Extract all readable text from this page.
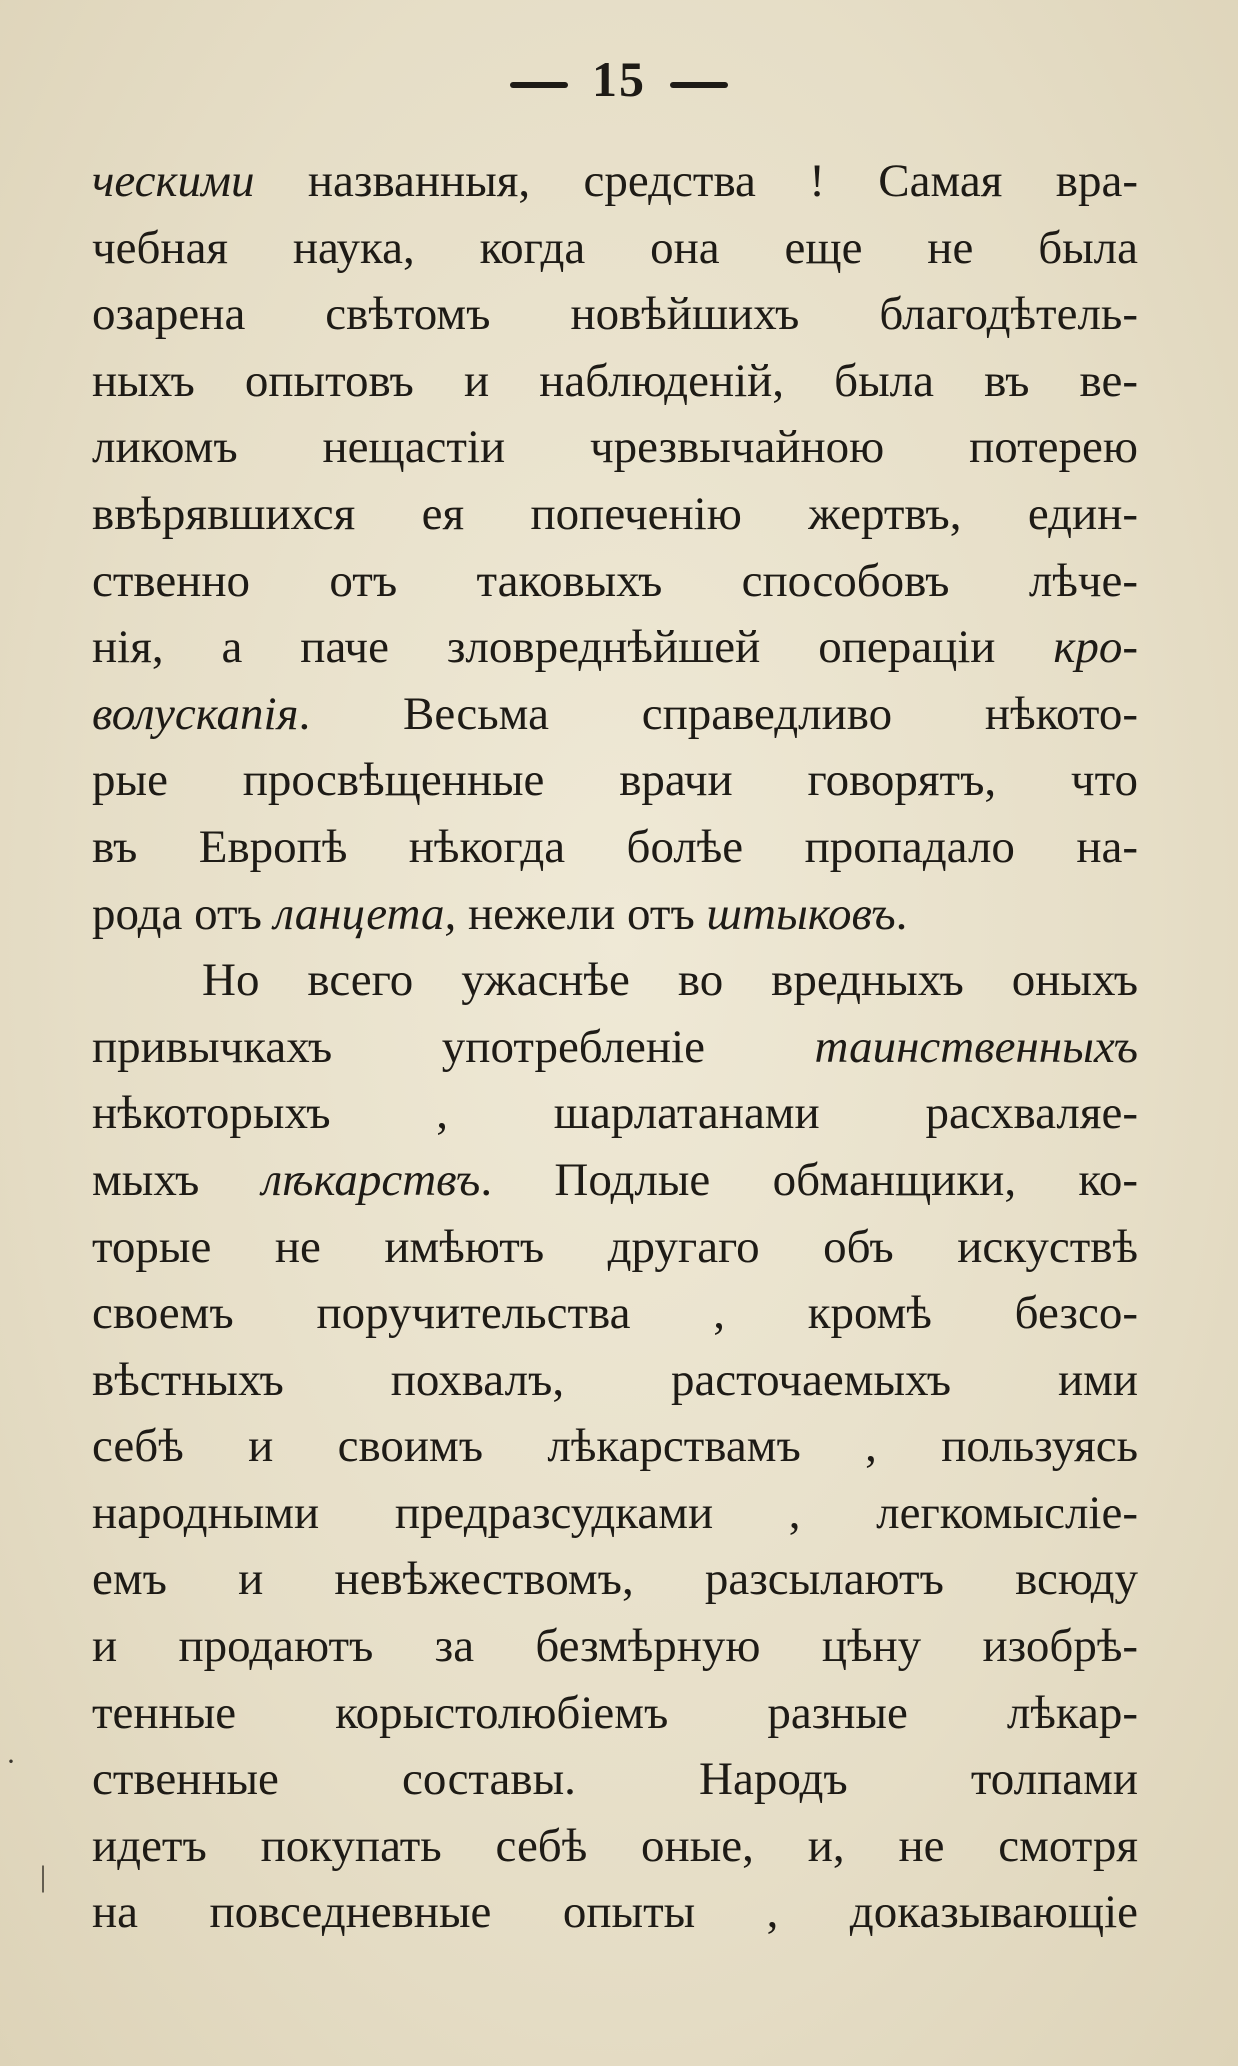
15
ческими названныя, средства ! Самая вра-
чебная наука, когда она еще не была
озарена свѣтомъ новѣйшихъ благодѣтель-
ныхъ опытовъ и наблюденій, была въ ве-
ликомъ нещастіи чрезвычайною потерею
ввѣрявшихся ея попеченію жертвъ, един-
ственно отъ таковыхъ способовъ лѣче-
нія, а паче зловреднѣйшей операціи кро-
волускапія. Весьма справедливо нѣкото-
рые просвѣщенные врачи говорятъ, что
въ Европѣ нѣкогда болѣе пропадало на-
рода отъ ланцета, нежели отъ штыковъ.
Но всего ужаснѣе во вредныхъ оныхъ
привычкахъ употребленіе таинственныхъ
нѣкоторыхъ , шарлатанами расхваляе-
мыхъ лѣкарствъ. Подлые обманщики, ко-
торые не имѣютъ другаго объ искуствѣ
своемъ поручительства , кромѣ безсо-
вѣстныхъ похвалъ, расточаемыхъ ими
себѣ и своимъ лѣкарствамъ , пользуясь
народными предразсудками , легкомысліе-
емъ и невѣжествомъ, разсылаютъ всюду
и продаютъ за безмѣрную цѣну изобрѣ-
тенные корыстолюбіемъ разные лѣкар-
ственные составы. Народъ толпами
идетъ покупать себѣ оные, и, не смотря
на повседневные опыты , доказывающіе
·
|
